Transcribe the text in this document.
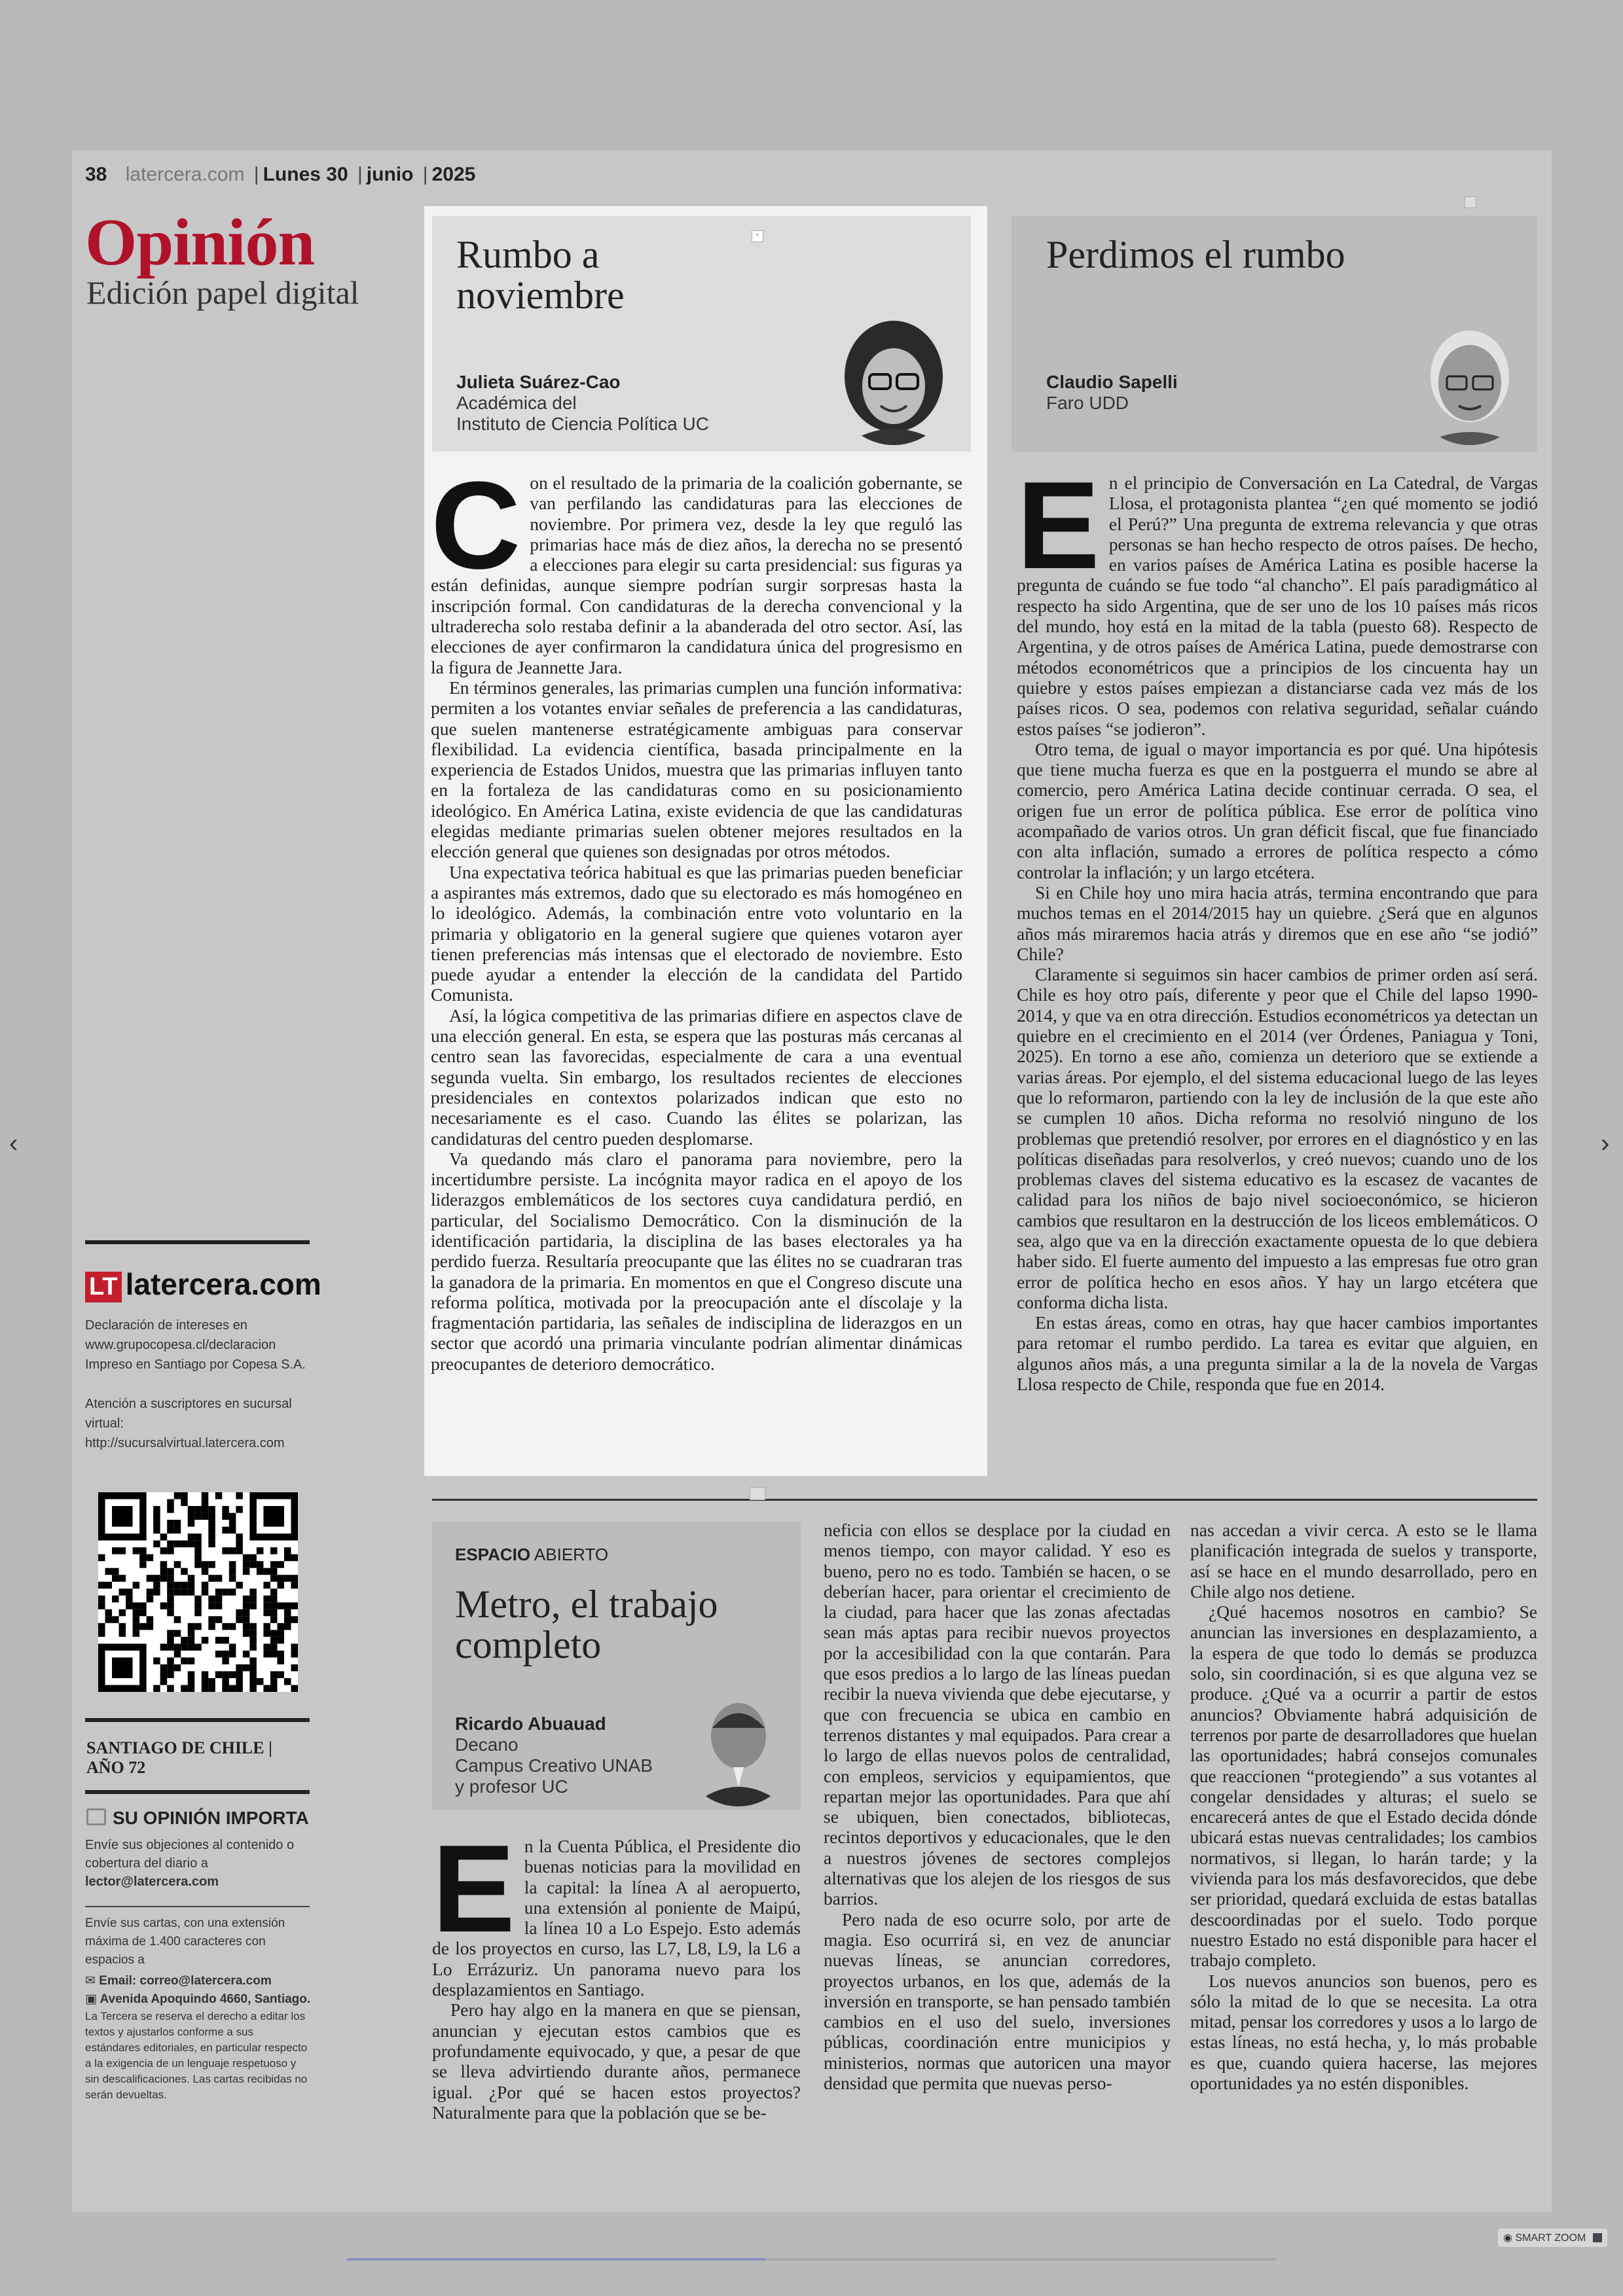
38 latercera.com | Lunes 30 | junio | 2025
Opinión
Edición papel digital
LT latercera.com
Declaración de intereses en www.grupocopesa.cl/declaracion Impreso en Santiago por Copesa S.A.
Atención a suscriptores en sucursal virtual: http://sucursalvirtual.latercera.com
SANTIAGO DE CHILE |
AÑO 72
SU OPINIÓN IMPORTA
Envíe sus objeciones al contenido o cobertura del diario a
lector@latercera.com
Envíe sus cartas, con una extensión máxima de 1.400 caracteres con espacios a
✉ Email: correo@latercera.com
▣ Avenida Apoquindo 4660, Santiago.
La Tercera se reserva el derecho a editar los textos y ajustarlos conforme a sus estándares editoriales, en particular respecto a la exigencia de un lenguaje respetuoso y sin descalificaciones. Las cartas recibidas no serán devueltas.
≡
Rumbo a
noviembre
Julieta Suárez-Cao
Académica del
Instituto de Ciencia Política UC
C on el resultado de la primaria de la coalición gobernante, se van perfilando las candidaturas para las elecciones de noviembre. Por primera vez, desde la ley que reguló las primarias hace más de diez años, la derecha no se presentó a elecciones para elegir su carta presidencial: sus figuras ya están definidas, aunque siempre podrían surgir sorpresas hasta la inscripción formal. Con candidaturas de la derecha convencional y la ultraderecha solo restaba definir a la abanderada del otro sector. Así, las elecciones de ayer confirmaron la candidatura única del progresismo en la figura de Jeannette Jara.

En términos generales, las primarias cumplen una función informativa: permiten a los votantes enviar señales de preferencia a las candidaturas, que suelen mantenerse estratégicamente ambiguas para conservar flexibilidad. La evidencia científica, basada principalmente en la experiencia de Estados Unidos, muestra que las primarias influyen tanto en la fortaleza de las candidaturas como en su posicionamiento ideológico. En América Latina, existe evidencia de que las candidaturas elegidas mediante primarias suelen obtener mejores resultados en la elección general que quienes son designadas por otros métodos.

Una expectativa teórica habitual es que las primarias pueden beneficiar a aspirantes más extremos, dado que su electorado es más homogéneo en lo ideológico. Además, la combinación entre voto voluntario en la primaria y obligatorio en la general sugiere que quienes votaron ayer tienen preferencias más intensas que el electorado de noviembre. Esto puede ayudar a entender la elección de la candidata del Partido Comunista.

Así, la lógica competitiva de las primarias difiere en aspectos clave de una elección general. En esta, se espera que las posturas más cercanas al centro sean las favorecidas, especialmente de cara a una eventual segunda vuelta. Sin embargo, los resultados recientes de elecciones presidenciales en contextos polarizados indican que esto no necesariamente es el caso. Cuando las élites se polarizan, las candidaturas del centro pueden desplomarse.

Va quedando más claro el panorama para noviembre, pero la incertidumbre persiste. La incógnita mayor radica en el apoyo de los liderazgos emblemáticos de los sectores cuya candidatura perdió, en particular, del Socialismo Democrático. Con la disminución de la identificación partidaria, la disciplina de las bases electorales ya ha perdido fuerza. Resultaría preocupante que las élites no se cuadraran tras la ganadora de la primaria. En momentos en que el Congreso discute una reforma política, motivada por la preocupación ante el díscolaje y la fragmentación partidaria, las señales de indisciplina de liderazgos en un sector que acordó una primaria vinculante podrían alimentar dinámicas preocupantes de deterioro democrático.

Perdimos el rumbo
Claudio Sapelli
Faro UDD
E n el principio de Conversación en La Catedral, de Vargas Llosa, el protagonista plantea “¿en qué momento se jodió el Perú?” Una pregunta de extrema relevancia y que otras personas se han hecho respecto de otros países. De hecho, en varios países de América Latina es posible hacerse la pregunta de cuándo se fue todo “al chancho”. El país paradigmático al respecto ha sido Argentina, que de ser uno de los 10 países más ricos del mundo, hoy está en la mitad de la tabla (puesto 68). Respecto de Argentina, y de otros países de América Latina, puede demostrarse con métodos econométricos que a principios de los cincuenta hay un quiebre y estos países empiezan a distanciarse cada vez más de los países ricos. O sea, podemos con relativa seguridad, señalar cuándo estos países “se jodieron”.

Otro tema, de igual o mayor importancia es por qué. Una hipótesis que tiene mucha fuerza es que en la postguerra el mundo se abre al comercio, pero América Latina decide continuar cerrada. O sea, el origen fue un error de política pública. Ese error de política vino acompañado de varios otros. Un gran déficit fiscal, que fue financiado con alta inflación, sumado a errores de política respecto a cómo controlar la inflación; y un largo etcétera.

Si en Chile hoy uno mira hacia atrás, termina encontrando que para muchos temas en el 2014/2015 hay un quiebre. ¿Será que en algunos años más miraremos hacia atrás y diremos que en ese año “se jodió” Chile?

Claramente si seguimos sin hacer cambios de primer orden así será. Chile es hoy otro país, diferente y peor que el Chile del lapso 1990-2014, y que va en otra dirección. Estudios econométricos ya detectan un quiebre en el crecimiento en el 2014 (ver Órdenes, Paniagua y Toni, 2025). En torno a ese año, comienza un deterioro que se extiende a varias áreas. Por ejemplo, el del sistema educacional luego de las leyes que lo reformaron, partiendo con la ley de inclusión de la que este año se cumplen 10 años. Dicha reforma no resolvió ninguno de los problemas que pretendió resolver, por errores en el diagnóstico y en las políticas diseñadas para resolverlos, y creó nuevos; cuando uno de los problemas claves del sistema educativo es la escasez de vacantes de calidad para los niños de bajo nivel socioeconómico, se hicieron cambios que resultaron en la destrucción de los liceos emblemáticos. O sea, algo que va en la dirección exactamente opuesta de lo que debiera haber sido. El fuerte aumento del impuesto a las empresas fue otro gran error de política hecho en esos años. Y hay un largo etcétera que conforma dicha lista.

En estas áreas, como en otras, hay que hacer cambios importantes para retomar el rumbo perdido. La tarea es evitar que alguien, en algunos años más, a una pregunta similar a la de la novela de Vargas Llosa respecto de Chile, responda que fue en 2014.

ESPACIO ABIERTO
Metro, el trabajo
completo
Ricardo Abuauad
Decano
Campus Creativo UNAB
y profesor UC
E n la Cuenta Pública, el Presidente dio buenas noticias para la movilidad en la capital: la línea A al aeropuerto, una extensión al poniente de Maipú, la línea 10 a Lo Espejo. Esto además de los proyectos en curso, las L7, L8, L9, la L6 a Lo Errázuriz. Un panorama nuevo para los desplazamientos en Santiago.

Pero hay algo en la manera en que se piensan, anuncian y ejecutan estos cambios que es profundamente equivocado, y que, a pesar de que se lleva advirtiendo durante años, permanece igual. ¿Por qué se hacen estos proyectos? Naturalmente para que la población que se be-

neficia con ellos se desplace por la ciudad en menos tiempo, con mayor calidad. Y eso es bueno, pero no es todo. También se hacen, o se deberían hacer, para orientar el crecimiento de la ciudad, para hacer que las zonas afectadas sean más aptas para recibir nuevos proyectos por la accesibilidad con la que contarán. Para que esos predios a lo largo de las líneas puedan recibir la nueva vivienda que debe ejecutarse, y que con frecuencia se ubica en cambio en terrenos distantes y mal equipados. Para crear a lo largo de ellas nuevos polos de centralidad, con empleos, servicios y equipamientos, que repartan mejor las oportunidades. Para que ahí se ubiquen, bien conectados, bibliotecas, recintos deportivos y educacionales, que le den a nuestros jóvenes de sectores complejos alternativas que los alejen de los riesgos de sus barrios.

Pero nada de eso ocurre solo, por arte de magia. Eso ocurrirá si, en vez de anunciar nuevas líneas, se anuncian corredores, proyectos urbanos, en los que, además de la inversión en transporte, se han pensado también cambios en el uso del suelo, inversiones públicas, coordinación entre municipios y ministerios, normas que autoricen una mayor densidad que permita que nuevas perso-

nas accedan a vivir cerca. A esto se le llama planificación integrada de suelos y transporte, así se hace en el mundo desarrollado, pero en Chile algo nos detiene.

¿Qué hacemos nosotros en cambio? Se anuncian las inversiones en desplazamiento, a la espera de que todo lo demás se produzca solo, sin coordinación, si es que alguna vez se produce. ¿Qué va a ocurrir a partir de estos anuncios? Obviamente habrá adquisición de terrenos por parte de desarrolladores que huelan las oportunidades; habrá consejos comunales que reaccionen “protegiendo” a sus votantes al congelar densidades y alturas; el suelo se encarecerá antes de que el Estado decida dónde ubicará estas nuevas centralidades; los cambios normativos, si llegan, lo harán tarde; y la vivienda para los más desfavorecidos, que debe ser prioridad, quedará excluida de estas batallas descoordinadas por el suelo. Todo porque nuestro Estado no está disponible para hacer el trabajo completo.

Los nuevos anuncios son buenos, pero es sólo la mitad de lo que se necesita. La otra mitad, pensar los corredores y usos a lo largo de estas líneas, no está hecha, y, lo más probable es que, cuando quiera hacerse, las mejores oportunidades ya no estén disponibles.

‹	›
◉ SMART ZOOM
